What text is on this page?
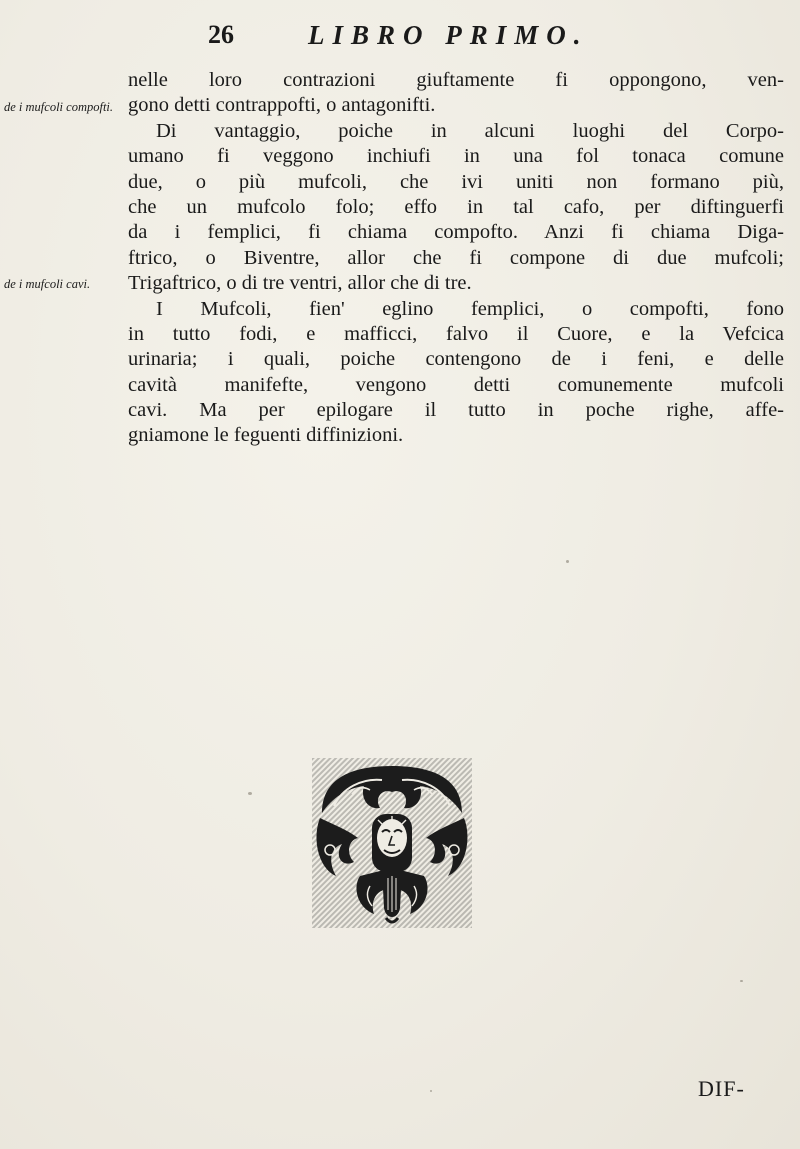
26	LIBRO PRIMO.
de i mufcoli compofti.
de i mufcoli cavi.
nelle loro contrazioni giuftamente fi oppongono, ven-
gono detti contrappofti, o antagonifti.
Di vantaggio, poiche in alcuni luoghi del Corpo-
umano fi veggono inchiufi in una fol tonaca comune
due, o più mufcoli, che ivi uniti non formano più,
che un mufcolo folo; effo in tal cafo, per diftinguerfi
da i femplici, fi chiama compofto. Anzi fi chiama Diga-
ftrico, o Biventre, allor che fi compone di due mufcoli;
Trigaftrico, o di tre ventri, allor che di tre.
I Mufcoli, fien' eglino femplici, o compofti, fono
in tutto fodi, e mafficci, falvo il Cuore, e la Vefcica
urinaria; i quali, poiche contengono de i feni, e delle
cavità manifefte, vengono detti comunemente mufcoli
cavi. Ma per epilogare il tutto in poche righe, affe-
gniamone le feguenti diffinizioni.
DIF-
